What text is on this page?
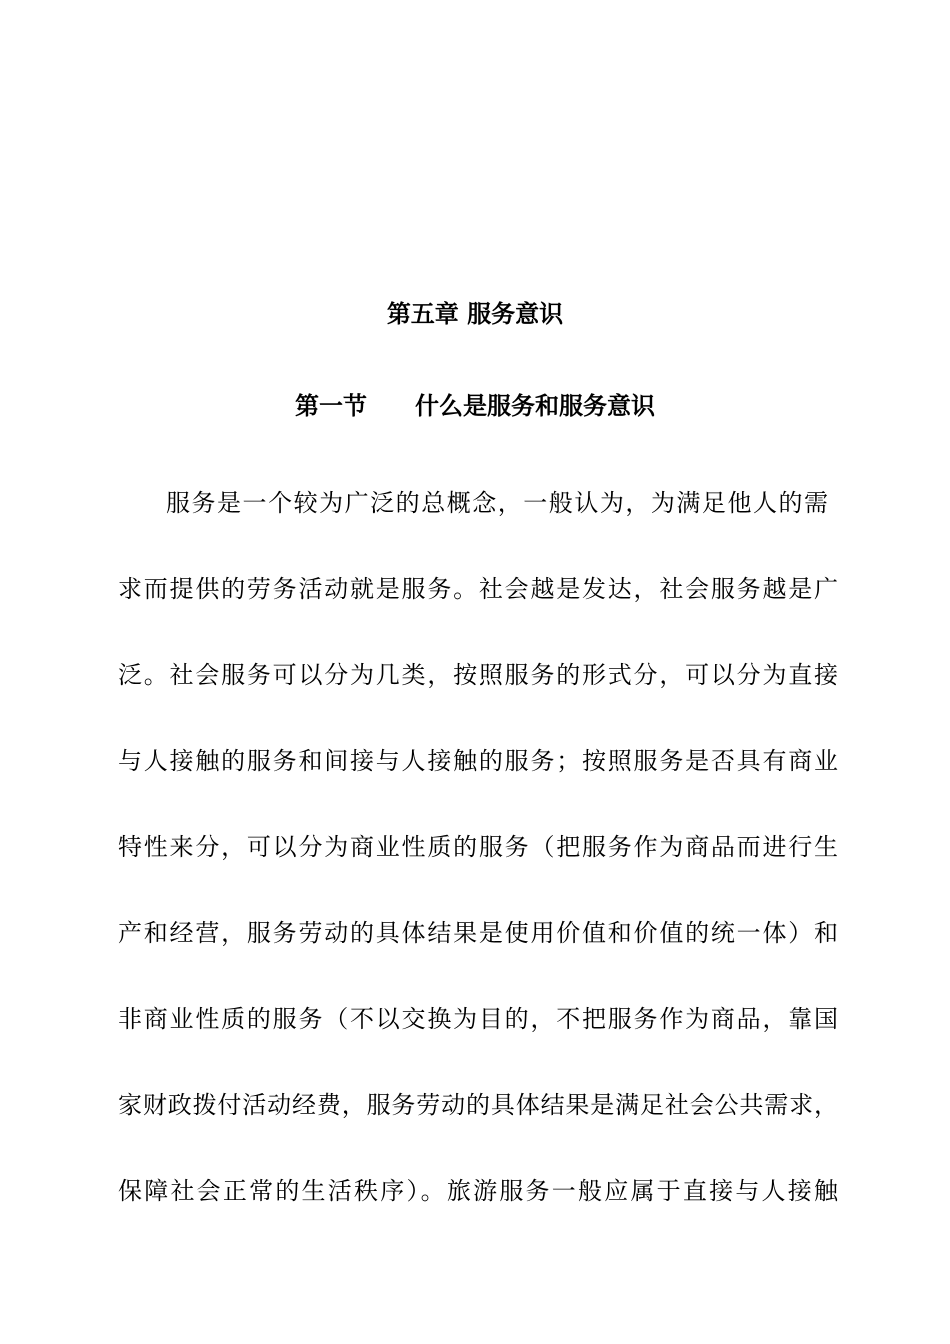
第五章 服务意识
第一节　　什么是服务和服务意识
服务是一个较为广泛的总概念，一般认为，为满足他人的需
求而提供的劳务活动就是服务。社会越是发达，社会服务越是广
泛。社会服务可以分为几类，按照服务的形式分，可以分为直接
与人接触的服务和间接与人接触的服务；按照服务是否具有商业
特性来分，可以分为商业性质的服务（把服务作为商品而进行生
产和经营，服务劳动的具体结果是使用价值和价值的统一体）和
非商业性质的服务（不以交换为目的，不把服务作为商品，靠国
家财政拨付活动经费，服务劳动的具体结果是满足社会公共需求，
保障社会正常的生活秩序）。旅游服务一般应属于直接与人接触
